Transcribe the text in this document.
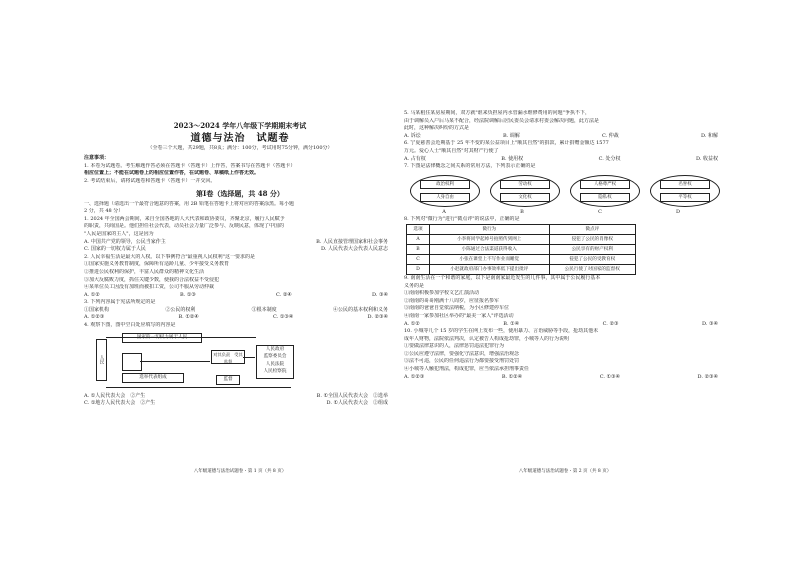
2023～2024 学年八年级下学期期末考试
道德与法治　试题卷
（全卷三个大题，共29题，共8页；满分：100分，考试用时75分钟，满分100分）
注意事项：
1. 本卷为试题卷。考生解题作答必须在答题卡（答题卡）上作答，答案书写在答题卡（答题卡）
相应位置上；不能在试题卷上的相应位置作答，在试题卷、草稿纸上作答无效。
2. 考试结束后，请将试题卷和答题卡（答题卡）一并交回。
第Ⅰ卷（选择题，共 48 分）
一、选择题（请选出一个最符合题意的答案，用 2B 铅笔在答题卡上将对应的答案涂黑。每小题
2 分，共 48 分）
1. 2024 年全国两会期间，来自全国各地的人大代表和政协委员，齐聚北京，履行人民赋予
的职责，共商国是。他们担任社会代表，动员社会力量广泛参与、反映民意，体现了中国的
"人民是国家的主人"，这是因为
A. 中国共产党的领导，公民当家作主	B. 人民直接管理国家和社会事务
C. 国家的一切权力属于人民	D. 人民代表大会代表人民意志
2. 人民幸福生活是最大的人权。以下事例符合"最重视人民权利"这一要求的是
①国家实施义务教育制度，保障所有适龄儿童、少年接受义务教育
②推进公民权利的保护，丰富人民群众的精神文化生活
③加大反腐败力度，抓住关键少数，使我的合法权益不受侵犯
④某单位员工因没有加班而被扣工资，公司不服从劳动仲裁
A. ①②	B. ①③	C. ②④	D. ③④
3. 下列内容属于宪法所规定的是
①国家机构	②公民的权利	③根本制度	④公民的基本权利和义务
A. ①②③	B. ①②④	C. ①③④	D. ②③④
4. 观察下图，图中空白处应填写的内容是
人民
对其负责　受其监督
人民政府
监察委员会
人民法院
人民检察院
选举代表组成	监督
A. ①人民代表大会　②产生	B. ①全国人民代表大会　②选举
C. ①地方人民代表大会　②产生	D. ①人民代表大会　②组成
八年级道德与法治试题卷・第 1 页（共 8 页）
5. 马某租住某房屋期间，双方就"谁来负担屋内水管漏水维修费用的问题"争执不下，
由于调解员入户后马某不配合，经法院调解后居民委员会请求村委会解决问题，此方法是
此时，这种解决纠纷的方式是
A. 诉讼	B. 调解	C. 仲裁	D. 和解
6. 宁夏慈善会近期基于 25 年不变的某公益项目上"顺其自然"的捐款，累计捐赠金额达 1577
万元。爱心人士"顺其自然"对其财产行使了
A. 占有权	B. 使用权	C. 处分权	D. 收益权
7. 下图是法律概念之间关系的常用方法，下列表示正确的是
政治权利
人身自由
劳动权
文化权
人格尊严权
隐私权
名誉权
平等权
A	B	C	D
8. 下列对"微行为"进行"微点评"的说法中，正确的是
选项	微行为	微点评
A	小李将同学起绰号拍照传到网上	侵犯了公民的肖像权
B	小陈通过合法渠道获得收入	公民享有的财产权利
C	小张在课堂上不写作业而睡觉	侵犯了公民的受教育权
D	小赵就政府部门办事效率低下提出批评	公民行使了对国家的监督权
9. 南南生活在一个和谐的家庭，以下是南南家最近发生的几件事，其中属于公民履行基本
义务的是
①南南积极参加学校文艺汇演活动
②南南的哥哥刚满十八周岁，应征报名参军
③南南的爸爸自觉依法纳税，为小区修建停车位
④南南一家参加社区举办的"最美一家人"评选活动
A. ①②	B. ①④	C. ②③	D. ③④
10. 小城等几个 15 岁的学生在网上发布一些，使用暴力、言语威胁等手段，抢劫其他未
成年人财物，法院依法判决，认定被告人构成抢劫罪，小城等人的行为说明
①要做法律意识的人，法律惩罚违法犯罪行为
②公民应遵守法律，要强化守法意识，增强法治观念
③法不可违，公民的任何违法行为都要接受刑罚处罚
④小城等人触犯刑法，构成犯罪，应当依法承担刑事责任
A. ①②③	B. ①②④	C. ①③④	D. ②③④
八年级道德与法治试题卷・第 2 页（共 8 页）
